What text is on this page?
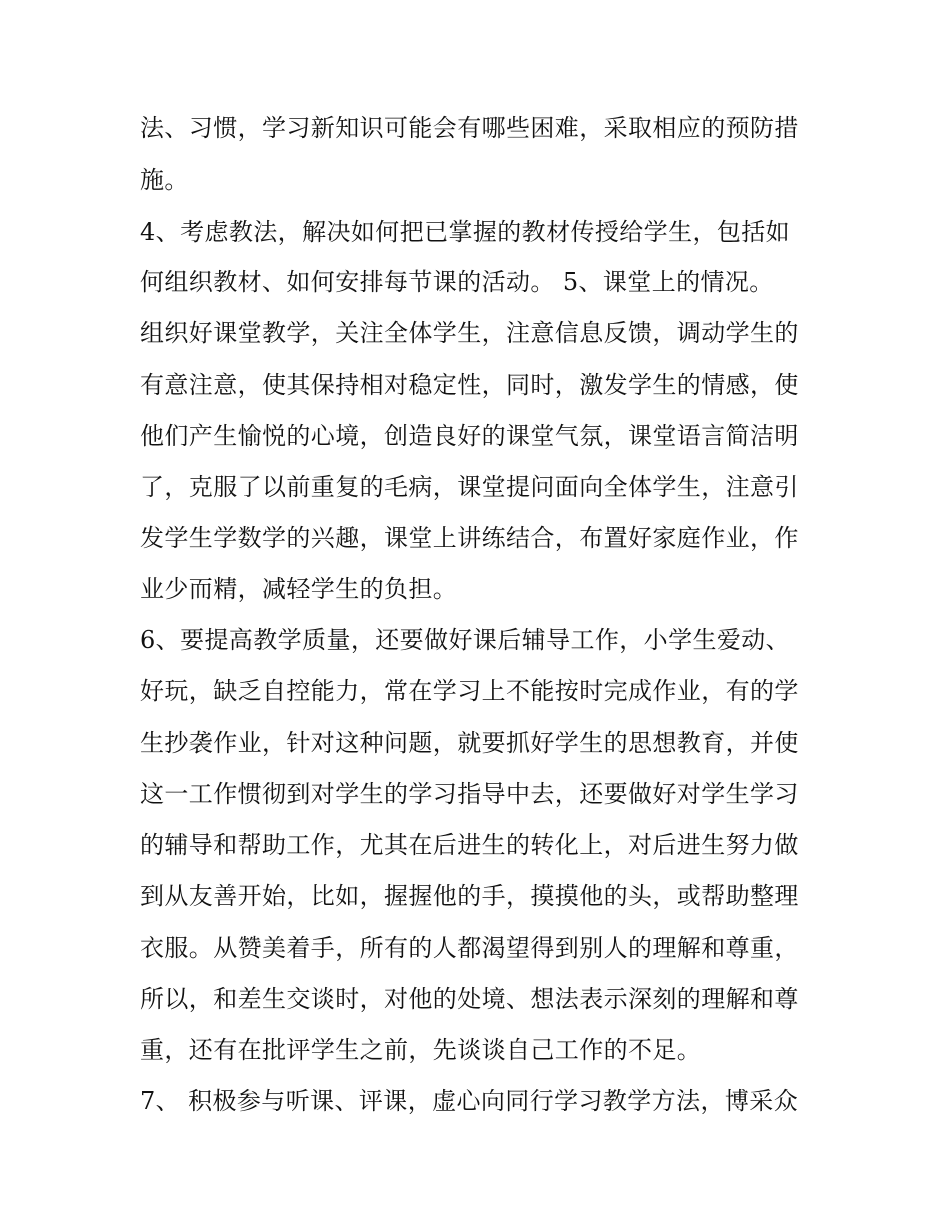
法、习惯，学习新知识可能会有哪些困难，采取相应的预防措
施。
4、考虑教法，解决如何把已掌握的教材传授给学生，包括如
何组织教材、如何安排每节课的活动。 5、课堂上的情况。
组织好课堂教学，关注全体学生，注意信息反馈，调动学生的
有意注意，使其保持相对稳定性，同时，激发学生的情感，使
他们产生愉悦的心境，创造良好的课堂气氛，课堂语言简洁明
了，克服了以前重复的毛病，课堂提问面向全体学生，注意引
发学生学数学的兴趣，课堂上讲练结合，布置好家庭作业，作
业少而精，减轻学生的负担。
6、要提高教学质量，还要做好课后辅导工作，小学生爱动、
好玩，缺乏自控能力，常在学习上不能按时完成作业，有的学
生抄袭作业，针对这种问题，就要抓好学生的思想教育，并使
这一工作惯彻到对学生的学习指导中去，还要做好对学生学习
的辅导和帮助工作，尤其在后进生的转化上，对后进生努力做
到从友善开始，比如，握握他的手，摸摸他的头，或帮助整理
衣服。从赞美着手，所有的人都渴望得到别人的理解和尊重，
所以，和差生交谈时，对他的处境、想法表示深刻的理解和尊
重，还有在批评学生之前，先谈谈自己工作的不足。
7、 积极参与听课、评课，虚心向同行学习教学方法，博采众
